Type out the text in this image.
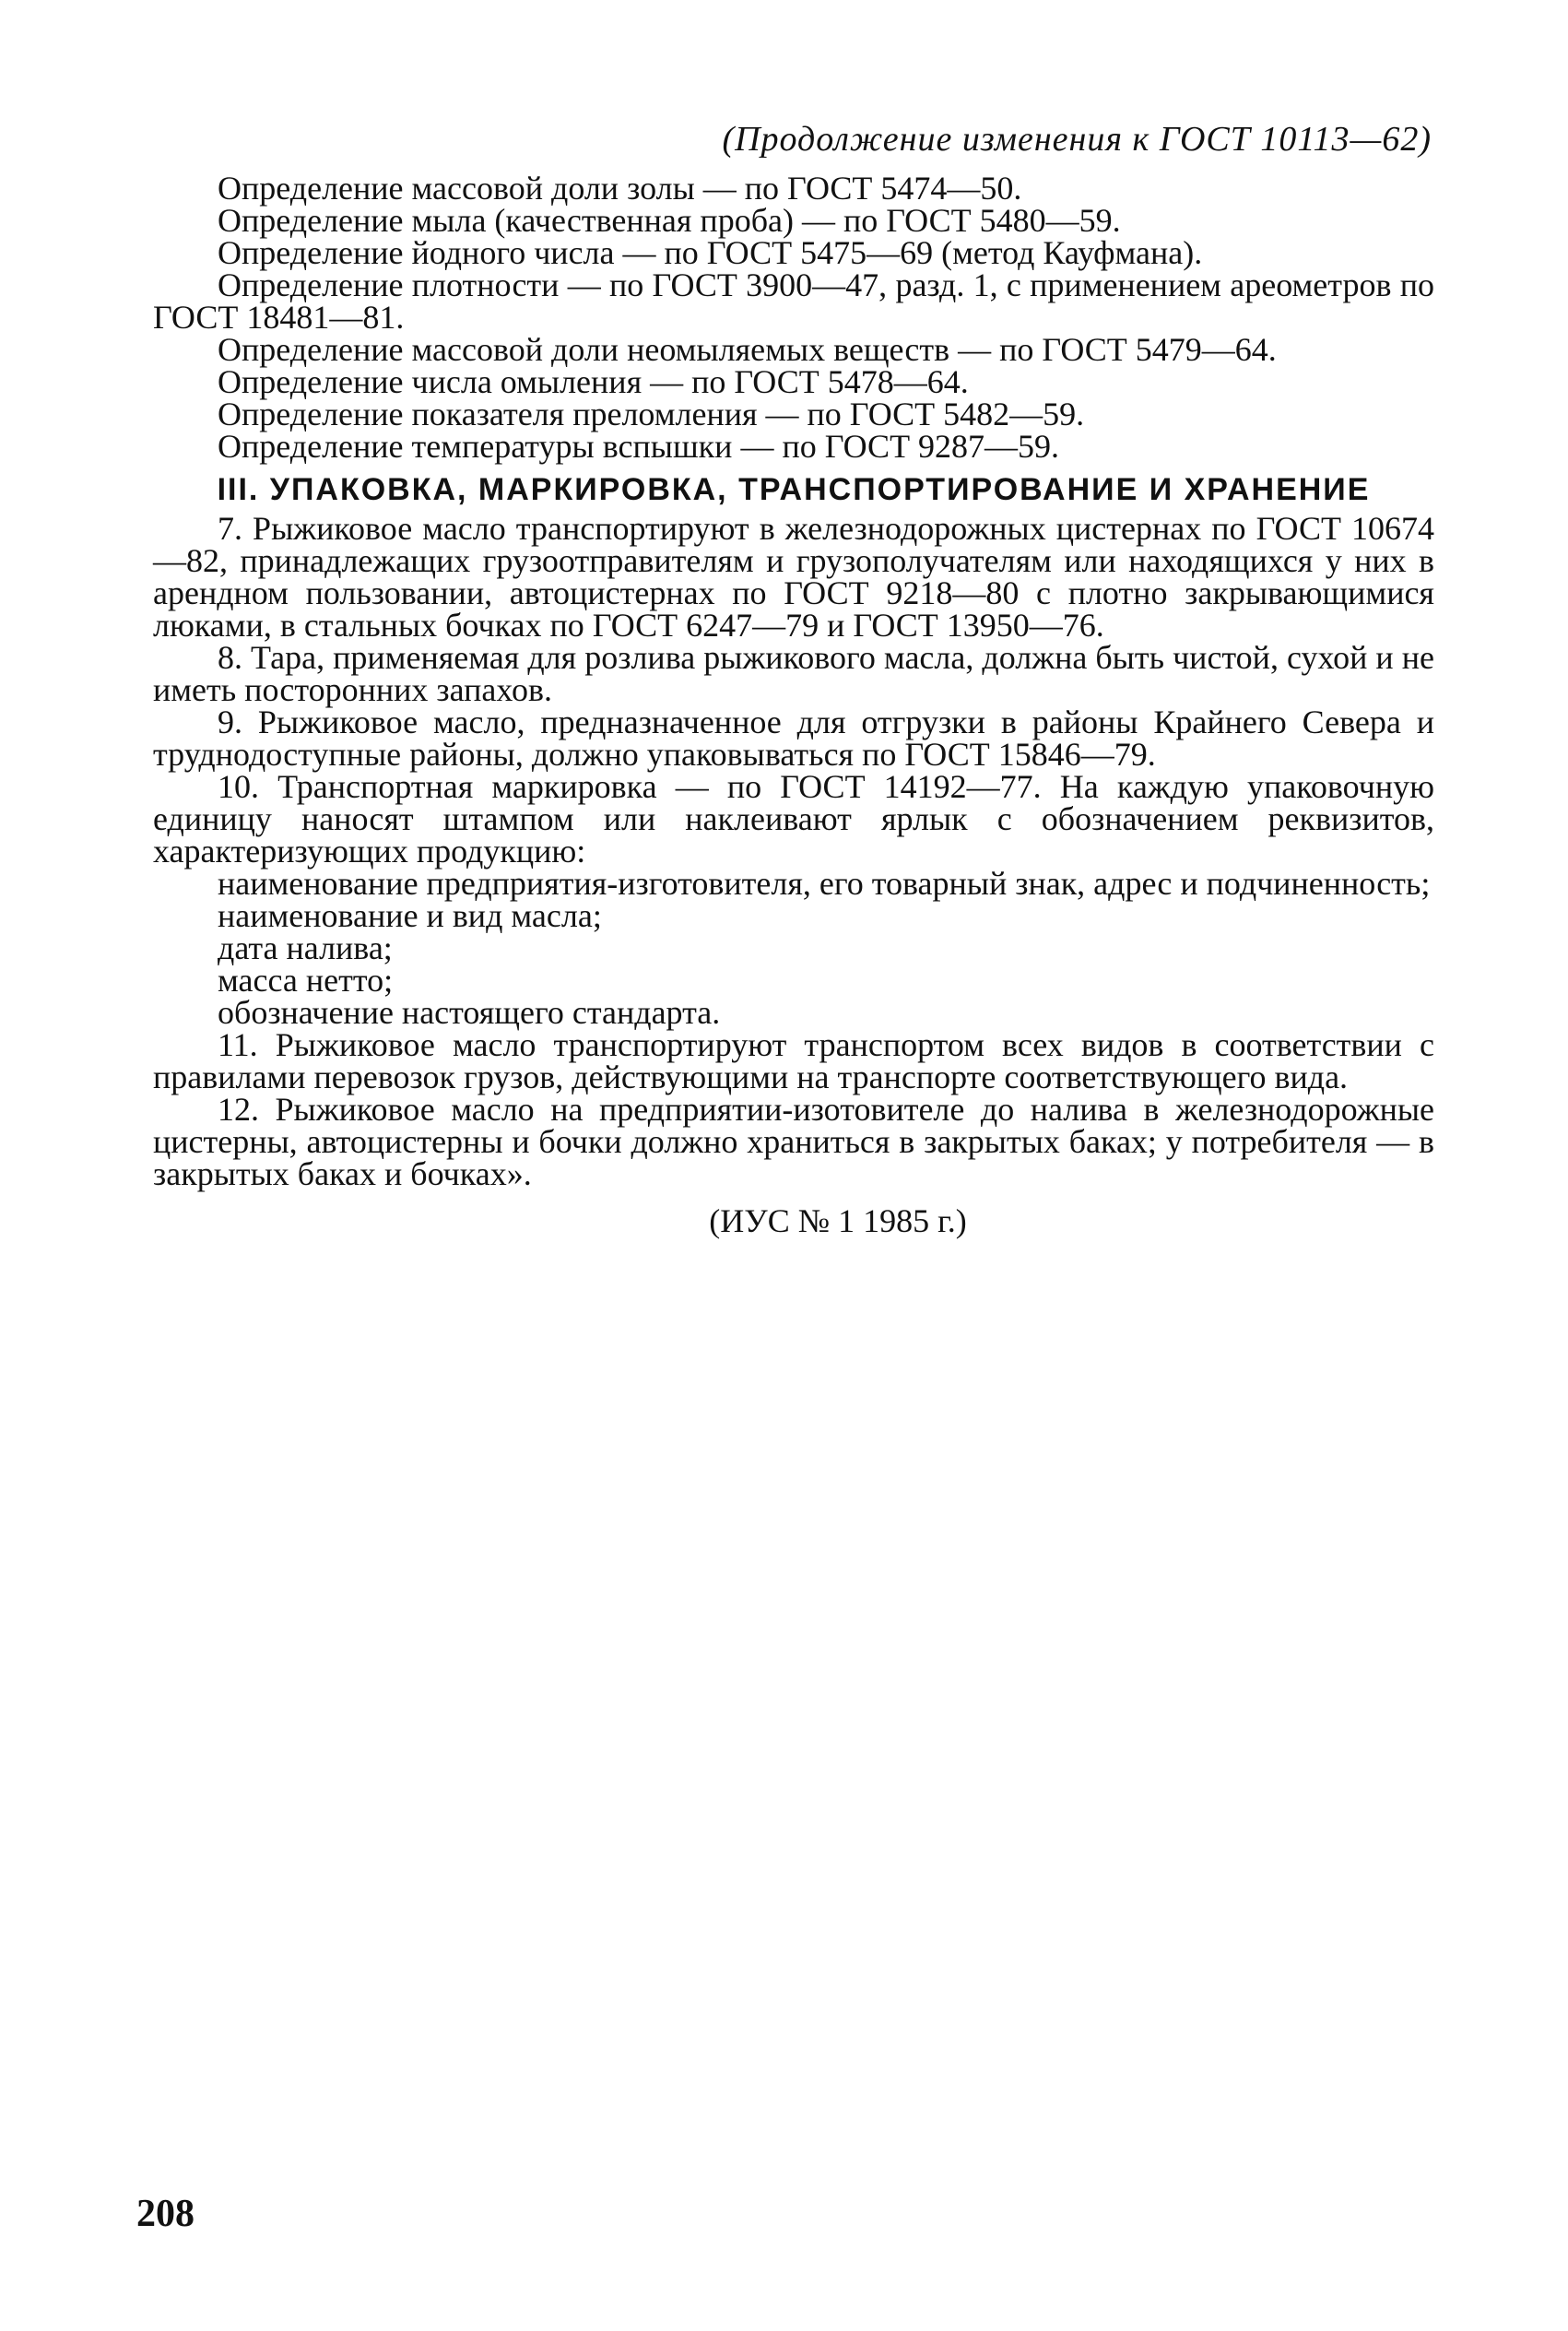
(Продолжение изменения к ГОСТ 10113—62)

Определение массовой доли золы — по ГОСТ 5474—50.

Определение мыла (качественная проба) — по ГОСТ 5480—59.

Определение йодного числа — по ГОСТ 5475—69 (метод Кауфмана).

Определение плотности — по ГОСТ 3900—47, разд. 1, с применением ареометров по ГОСТ 18481—81.

Определение массовой доли неомыляемых веществ — по ГОСТ 5479—64.

Определение числа омыления — по ГОСТ 5478—64.

Определение показателя преломления — по ГОСТ 5482—59.

Определение температуры вспышки — по ГОСТ 9287—59.

III. УПАКОВКА, МАРКИРОВКА, ТРАНСПОРТИРОВАНИЕ И ХРАНЕНИЕ

7. Рыжиковое масло транспортируют в железнодорожных цистернах по ГОСТ 10674—82, принадлежащих грузоотправителям и грузополучателям или находящихся у них в арендном пользовании, автоцистернах по ГОСТ 9218—80 с плотно закрывающимися люками, в стальных бочках по ГОСТ 6247—79 и ГОСТ 13950—76.

8. Тара, применяемая для розлива рыжикового масла, должна быть чистой, сухой и не иметь посторонних запахов.

9. Рыжиковое масло, предназначенное для отгрузки в районы Крайнего Севера и труднодоступные районы, должно упаковываться по ГОСТ 15846—79.

10. Транспортная маркировка — по ГОСТ 14192—77. На каждую упаковочную единицу наносят штампом или наклеивают ярлык с обозначением реквизитов, характеризующих продукцию:

наименование предприятия-изготовителя, его товарный знак, адрес и подчиненность;

наименование и вид масла;

дата налива;

масса нетто;

обозначение настоящего стандарта.

11. Рыжиковое масло транспортируют транспортом всех видов в соответствии с правилами перевозок грузов, действующими на транспорте соответствующего вида.

12. Рыжиковое масло на предприятии-изотовителе до налива в железнодорожные цистерны, автоцистерны и бочки должно храниться в закрытых баках; у потребителя — в закрытых баках и бочках».

(ИУС № 1 1985 г.)
208
